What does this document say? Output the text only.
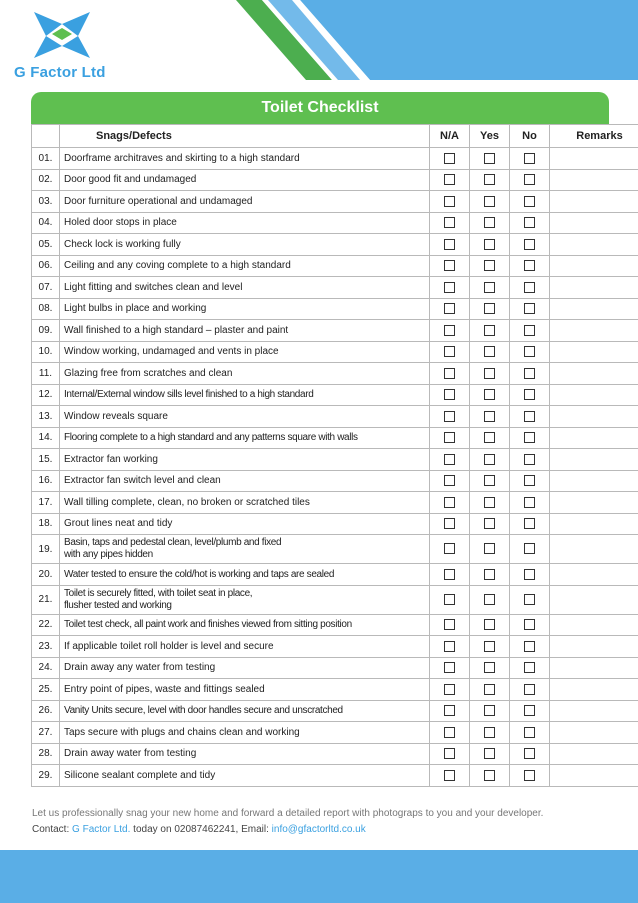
G Factor Ltd
Toilet Checklist
	Snags/Defects	N/A	Yes	No	Remarks
01.	Doorframe architraves and skirting to a high standard				
02.	Door good fit and undamaged				
03.	Door furniture operational and undamaged				
04.	Holed door stops in place				
05.	Check lock is working fully				
06.	Ceiling and any coving complete to a high standard				
07.	Light fitting and switches clean and level				
08.	Light bulbs in place and working				
09.	Wall finished to a high standard – plaster and paint				
10.	Window working, undamaged and vents in place				
11.	Glazing free from scratches and clean				
12.	Internal/External window sills level finished to a high standard				
13.	Window reveals square				
14.	Flooring complete to a high standard and any patterns square with walls				
15.	Extractor fan working				
16.	Extractor fan switch level and clean				
17.	Wall tilling complete, clean, no broken or scratched tiles				
18.	Grout lines neat and tidy				
19.	Basin, taps and pedestal clean, level/plumb and fixed
with any pipes hidden				
20.	Water tested to ensure the cold/hot is working and taps are sealed				
21.	Toilet is securely fitted, with toilet seat in place,
flusher tested and working				
22.	Toilet test check, all paint work and finishes viewed from sitting position				
23.	If applicable toilet roll holder is level and secure				
24.	Drain away any water from testing				
25.	Entry point of pipes, waste and fittings sealed				
26.	Vanity Units secure, level with door handles secure and unscratched				
27.	Taps secure with plugs and chains clean and working				
28.	Drain away water from testing				
29.	Silicone sealant complete and tidy				
Let us professionally snag your new home and forward a detailed report with photograps to you and your developer.
Contact: G Factor Ltd. today on 02087462241, Email: info@gfactorltd.co.uk
